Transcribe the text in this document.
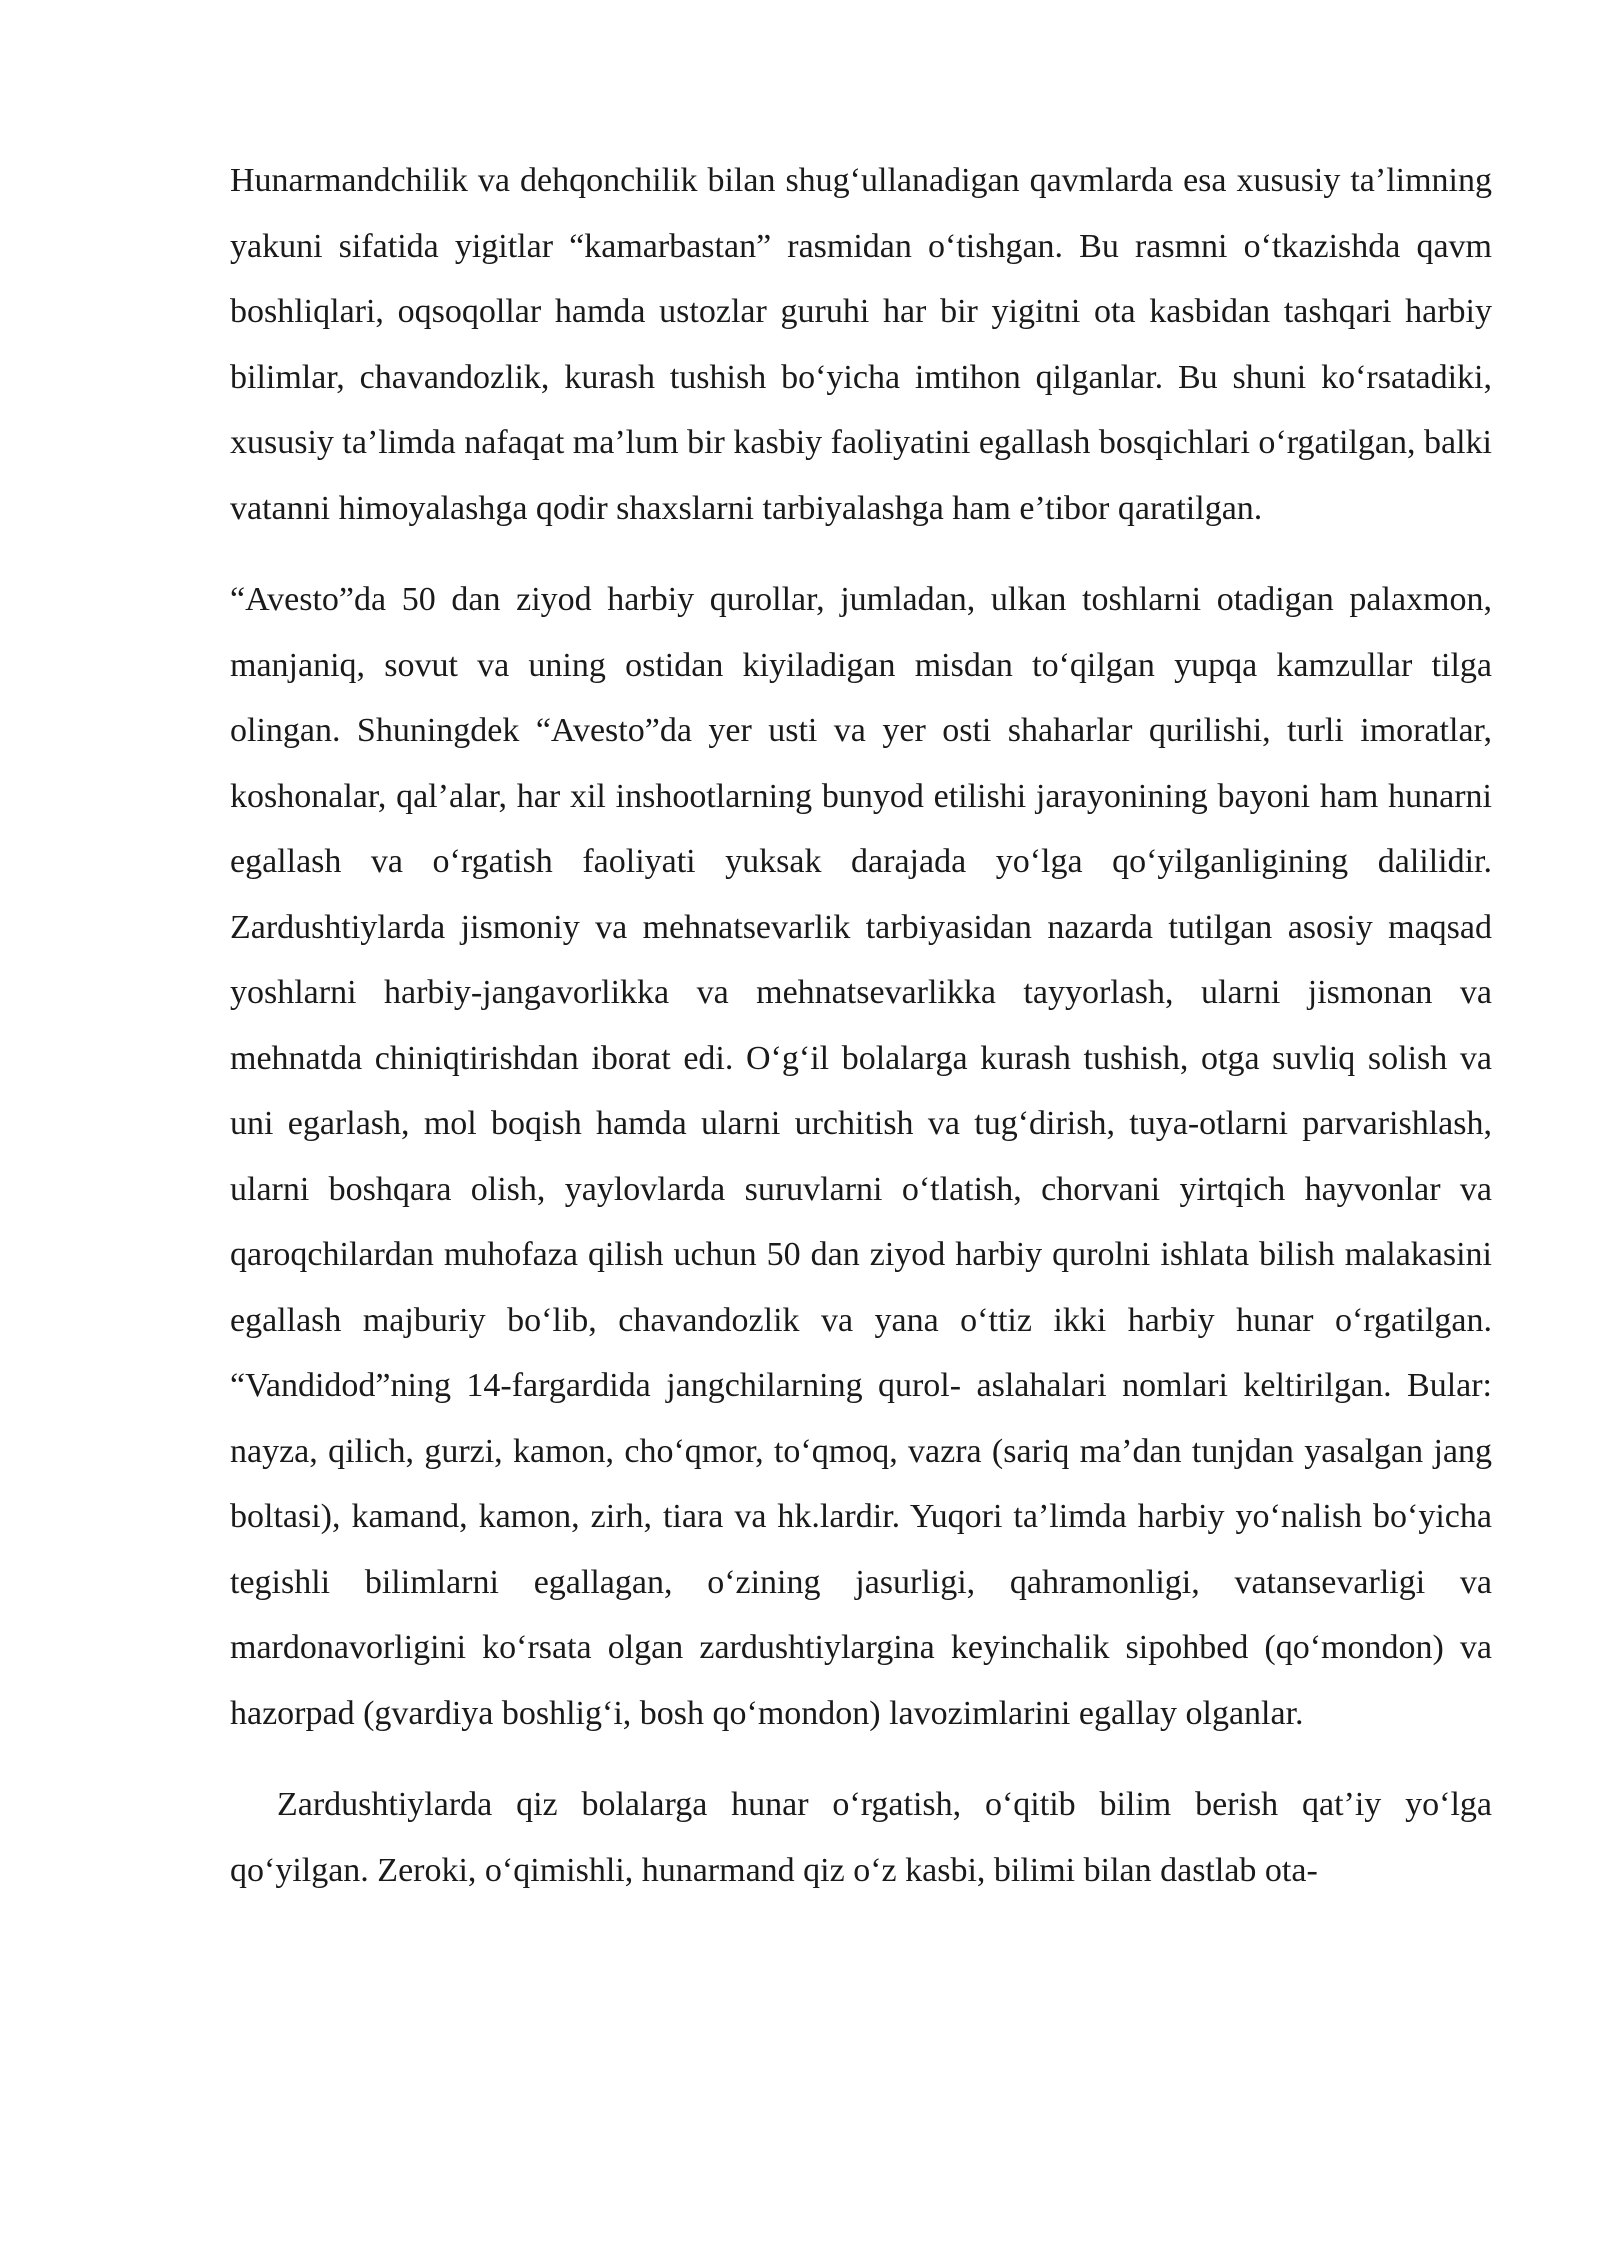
Hunarmandchilik va dehqonchilik bilan shug‘ullanadigan qavmlarda esa xususiy ta’limning yakuni sifatida yigitlar “kamarbastan” rasmidan o‘tishgan. Bu rasmni o‘tkazishda qavm boshliqlari, oqsoqollar hamda ustozlar guruhi har bir yigitni ota kasbidan tashqari harbiy bilimlar, chavandozlik, kurash tushish bo‘yicha imtihon qilganlar. Bu shuni ko‘rsatadiki, xususiy ta’limda nafaqat ma’lum bir kasbiy faoliyatini egallash bosqichlari o‘rgatilgan, balki vatanni himoyalashga qodir shaxslarni tarbiyalashga ham e’tibor qaratilgan.

“Avesto”da 50 dan ziyod harbiy qurollar, jumladan, ulkan toshlarni otadigan palaxmon, manjaniq, sovut va uning ostidan kiyiladigan misdan to‘qilgan yupqa kamzullar tilga olingan. Shuningdek “Avesto”da yer usti va yer osti shaharlar qurilishi, turli imoratlar, koshonalar, qal’alar, har xil inshootlarning bunyod etilishi jarayonining bayoni ham hunarni egallash va o‘rgatish faoliyati yuksak darajada yo‘lga qo‘yilganligining dalilidir. Zardushtiylarda jismoniy va mehnatsevarlik tarbiyasidan nazarda tutilgan asosiy maqsad yoshlarni harbiy-jangavorlikka va mehnatsevarlikka tayyorlash, ularni jismonan va mehnatda chiniqtirishdan iborat edi. O‘g‘il bolalarga kurash tushish, otga suvliq solish va uni egarlash, mol boqish hamda ularni urchitish va tug‘dirish, tuya-otlarni parvarishlash, ularni boshqara olish, yaylovlarda suruvlarni o‘tlatish, chorvani yirtqich hayvonlar va qaroqchilardan muhofaza qilish uchun 50 dan ziyod harbiy qurolni ishlata bilish malakasini egallash majburiy bo‘lib, chavandozlik va yana o‘ttiz ikki harbiy hunar o‘rgatilgan. “Vandidod”ning 14-fargardida jangchilarning qurol- aslahalari nomlari keltirilgan. Bular: nayza, qilich, gurzi, kamon, cho‘qmor, to‘qmoq, vazra (sariq ma’dan tunjdan yasalgan jang boltasi), kamand, kamon, zirh, tiara va hk.lardir. Yuqori ta’limda harbiy yo‘nalish bo‘yicha tegishli bilimlarni egallagan, o‘zining jasurligi, qahramonligi, vatansevarligi va mardonavorligini ko‘rsata olgan zardushtiylargina keyinchalik sipohbed (qo‘mondon) va hazorpad (gvardiya boshlig‘i, bosh qo‘mondon) lavozimlarini egallay olganlar.

Zardushtiylarda qiz bolalarga hunar o‘rgatish, o‘qitib bilim berish qat’iy yo‘lga qo‘yilgan. Zeroki, o‘qimishli, hunarmand qiz o‘z kasbi, bilimi bilan dastlab ota-
